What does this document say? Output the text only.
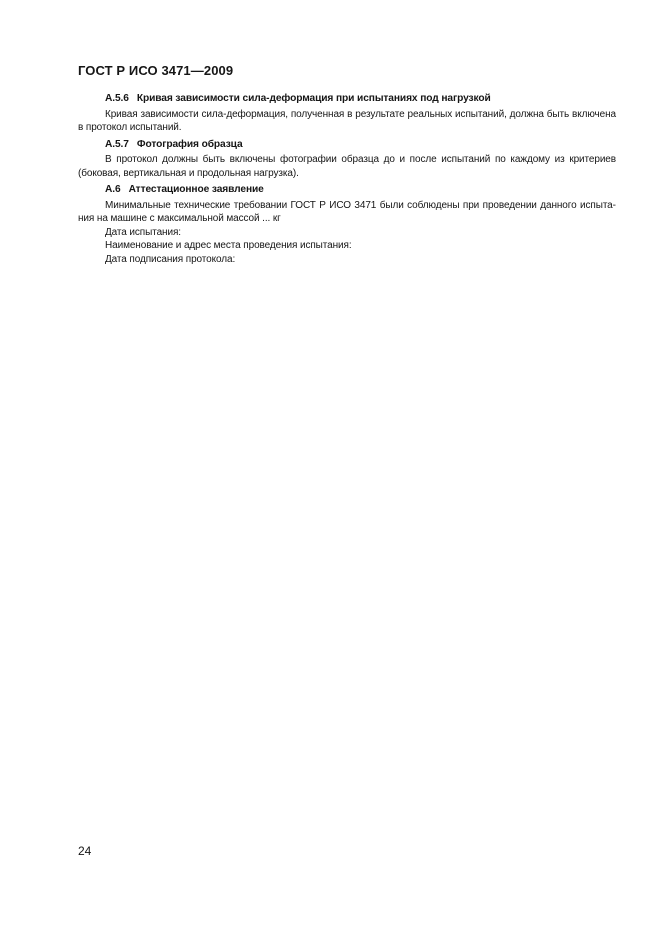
ГОСТ Р ИСО 3471—2009
А.5.6 Кривая зависимости сила-деформация при испытаниях под нагрузкой

Кривая зависимости сила-деформация, полученная в результате реальных испытаний, должна быть включена в протокол испытаний.

А.5.7 Фотография образца

В протокол должны быть включены фотографии образца до и после испытаний по каждому из критериев (боковая, вертикальная и продольная нагрузка).

А.6 Аттестационное заявление

Минимальные технические требовании ГОСТ Р ИСО 3471 были соблюдены при проведении данного испытания на машине с максимальной массой ... кг

Дата испытания:

Наименование и адрес места проведения испытания:

Дата подписания протокола:

24
